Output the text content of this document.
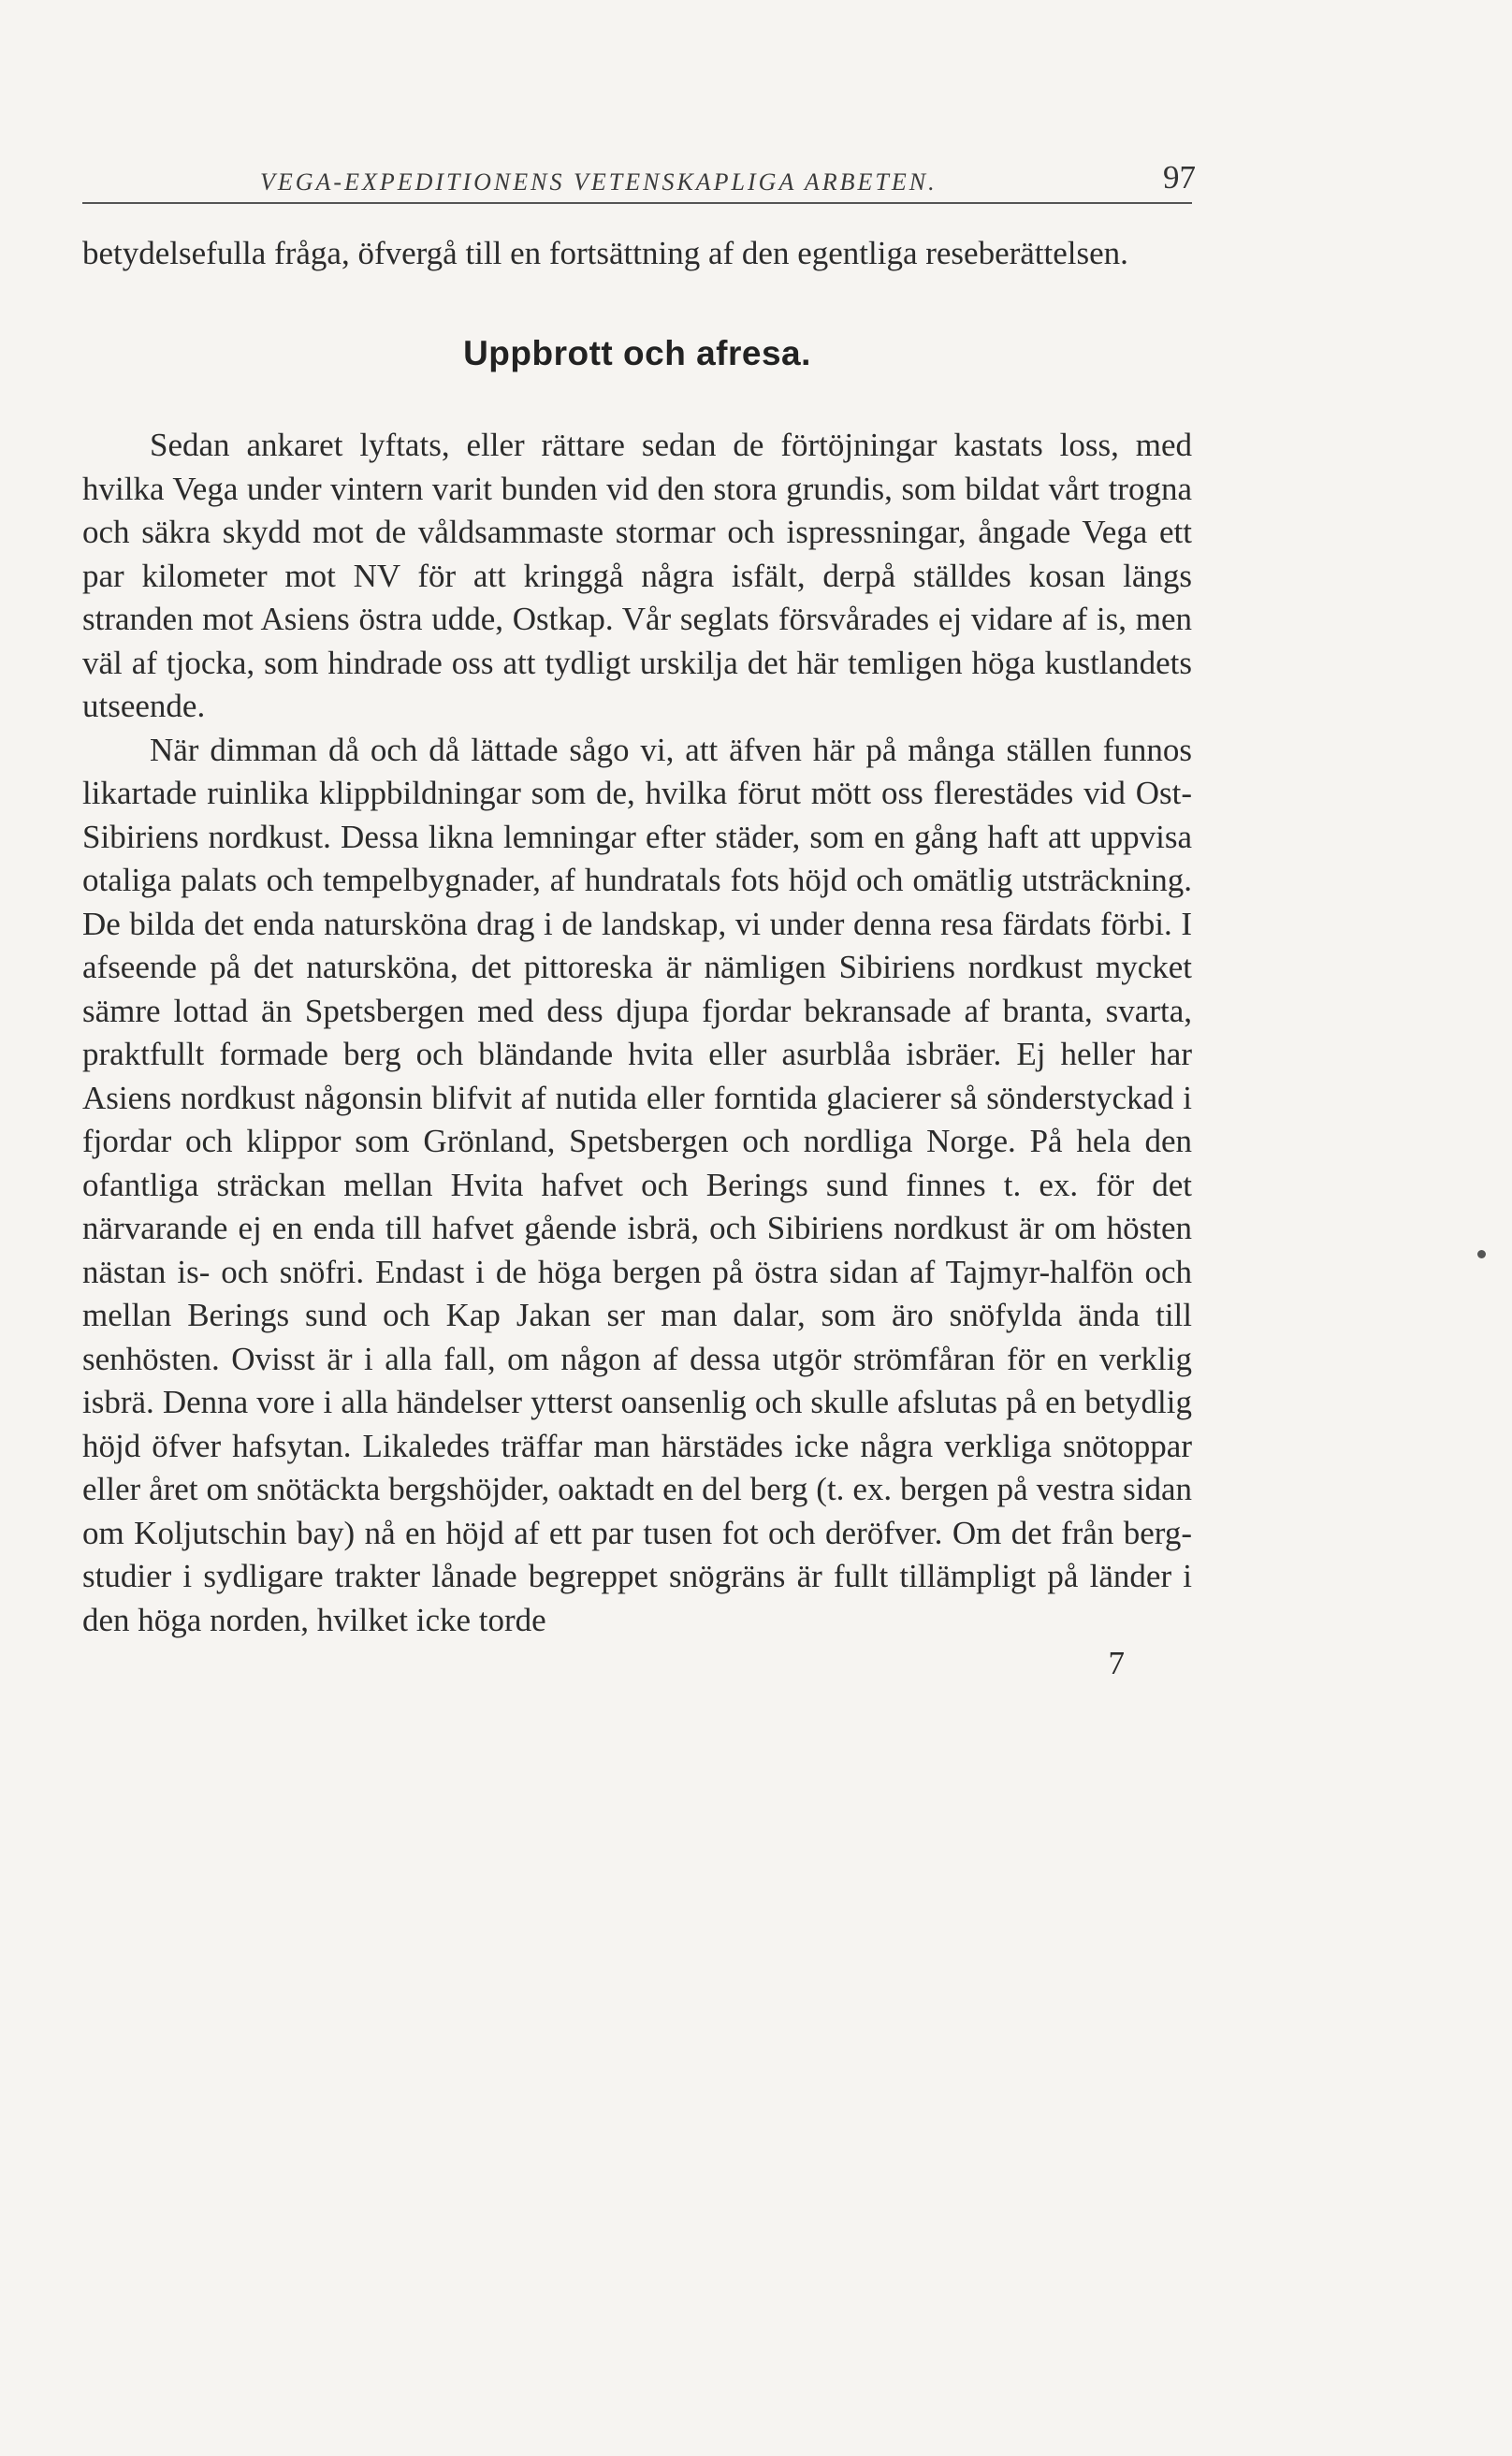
VEGA-EXPEDITIONENS VETENSKAPLIGA ARBETEN.	97

betydelsefulla fråga, öfvergå till en fortsättning af den egentliga reseberättelsen.

Uppbrott och afresa.

Sedan ankaret lyftats, eller rättare sedan de förtöjningar kastats loss, med hvilka Vega under vintern varit bunden vid den stora grundis, som bildat vårt trogna och säkra skydd mot de våldsammaste stormar och ispressningar, ångade Vega ett par kilometer mot NV för att kringgå några isfält, derpå ställdes kosan längs stranden mot Asiens östra udde, Ostkap. Vår seglats försvårades ej vidare af is, men väl af tjocka, som hindrade oss att tydligt urskilja det här temligen höga kustlandets utseende.

När dimman då och då lättade sågo vi, att äfven här på många ställen funnos likartade ruinlika klippbildningar som de, hvilka förut mött oss flerestädes vid Ost-Sibiriens nordkust. Dessa likna lemningar efter städer, som en gång haft att uppvisa otaliga palats och tempelbygnader, af hundratals fots höjd och omätlig utsträckning. De bilda det enda natursköna drag i de landskap, vi under denna resa färdats förbi. I afseende på det naturskönа, det pittoreska är nämligen Sibiriens nordkust mycket sämre lottad än Spetsbergen med dess djupa fjordar bekransade af branta, svarta, praktfullt formade berg och bländande hvita eller asurblåa isbräer. Ej heller har Asiens nordkust någonsin blifvit af nutida eller forntida glacierer så sönderstyckad i fjordar och klippor som Grönland, Spetsbergen och nordliga Norge. På hela den ofantliga sträckan mellan Hvita hafvet och Berings sund finnes t. ex. för det närvarande ej en enda till hafvet gående isbrä, och Sibiriens nordkust är om hösten nästan is- och snöfri. Endast i de höga bergen på östra sidan af Tajmyr-halfön och mellan Berings sund och Kap Jakan ser man dalar, som äro snöfylda ända till senhösten. Ovisst är i alla fall, om någon af dessa utgör strömfåran för en verklig isbrä. Denna vore i alla händelser ytterst oansenlig och skulle afslutas på en betydlig höjd öfver hafsytan. Likaledes träffar man härstädes icke några verkliga snötoppar eller året om snötäckta bergshöjder, oaktadt en del berg (t. ex. bergen på vestra sidan om Koljutschin bay) nå en höjd af ett par tusen fot och deröfver. Om det från bergstudier i sydligare trakter lånade begreppet snögräns är fullt tillämpligt på länder i den höga norden, hvilket icke torde

7
